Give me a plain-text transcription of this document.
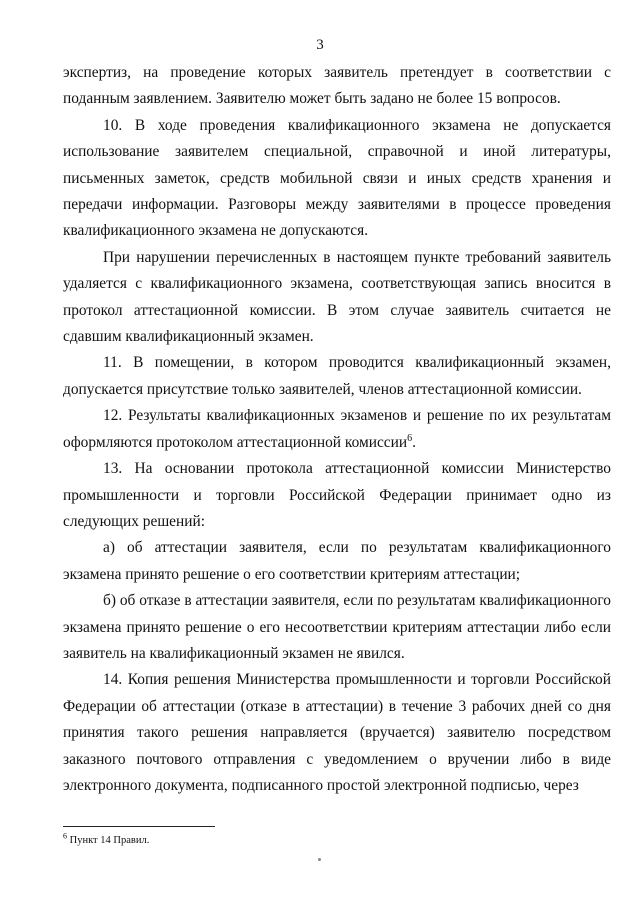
3

экспертиз, на проведение которых заявитель претендует в соответствии с поданным заявлением. Заявителю может быть задано не более 15 вопросов.

10. В ходе проведения квалификационного экзамена не допускается использование заявителем специальной, справочной и иной литературы, письменных заметок, средств мобильной связи и иных средств хранения и передачи информации. Разговоры между заявителями в процессе проведения квалификационного экзамена не допускаются.

При нарушении перечисленных в настоящем пункте требований заявитель удаляется с квалификационного экзамена, соответствующая запись вносится в протокол аттестационной комиссии. В этом случае заявитель считается не сдавшим квалификационный экзамен.

11. В помещении, в котором проводится квалификационный экзамен, допускается присутствие только заявителей, членов аттестационной комиссии.

12. Результаты квалификационных экзаменов и решение по их результатам оформляются протоколом аттестационной комиссии$^6$.

13. На основании протокола аттестационной комиссии Министерство промышленности и торговли Российской Федерации принимает одно из следующих решений:

а) об аттестации заявителя, если по результатам квалификационного экзамена принято решение о его соответствии критериям аттестации;

б) об отказе в аттестации заявителя, если по результатам квалификационного экзамена принято решение о его несоответствии критериям аттестации либо если заявитель на квалификационный экзамен не явился.

14. Копия решения Министерства промышленности и торговли Российской Федерации об аттестации (отказе в аттестации) в течение 3 рабочих дней со дня принятия такого решения направляется (вручается) заявителю посредством заказного почтового отправления с уведомлением о вручении либо в виде электронного документа, подписанного простой электронной подписью, через

$^6$ Пункт 14 Правил.
